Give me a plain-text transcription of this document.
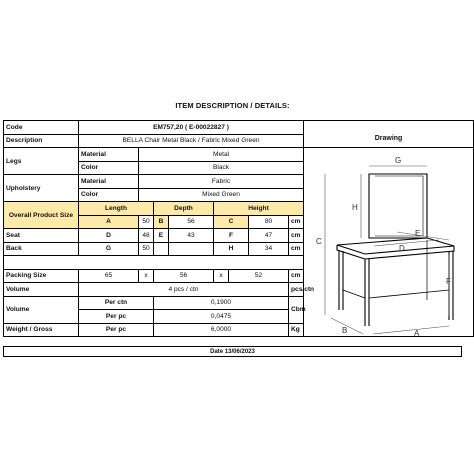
ITEM DESCRIPTION / DETAILS:
Code	EM757,20 ( E-00022827 )								Drawing

Description	BELLA Chair Metal Black / Fabric Mixed Green								
Legs	Material	Metal							
	Color	Black							
Upholstery	Material	Fabric							
	Color	Mixed Green							
Overall Product Size	Length		Depth		Height				
	A	50	B	56	C		80	cm	
Seat	D	48	E	43	F		47	cm	
Back	G	50			H		34	cm	

Packing Size	65	x	56		x	52		cm	
Volume	4 pcs / ctn							pcs/ctn	
Volume	Per ctn		0,1900					Cbm	
	Per pc		0,0475						
Weight / Gross	Per pc		6,0000					Kg	
Date 13/06/2023
G
H
C
D
E
F
B	A
